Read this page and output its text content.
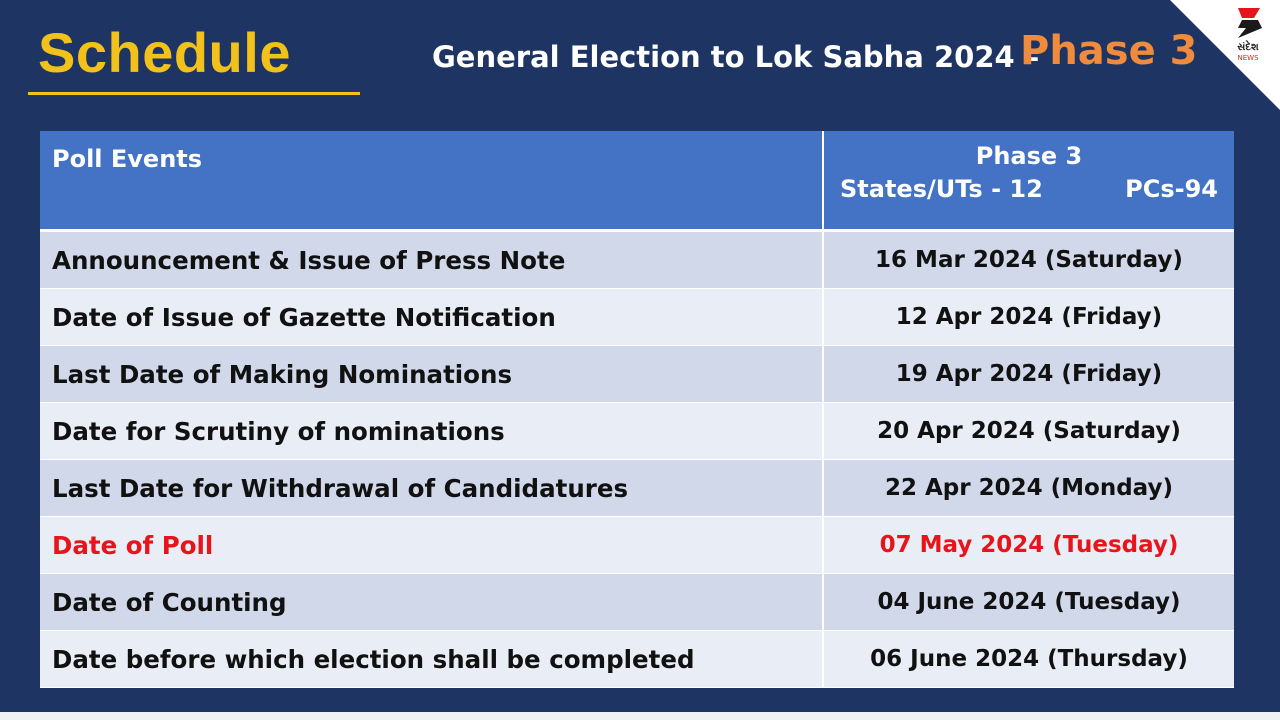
Schedule	General Election to Lok Sabha 2024 –
Phase 3	સંદેશ
NEWS
Poll Events	Phase 3
States/UTs - 12 PCs-94

Announcement & Issue of Press Note	16 Mar 2024 (Saturday)
Date of Issue of Gazette Notification	12 Apr 2024 (Friday)
Last Date of Making Nominations	19 Apr 2024 (Friday)
Date for Scrutiny of nominations	20 Apr 2024 (Saturday)
Last Date for Withdrawal of Candidatures	22 Apr 2024 (Monday)
Date of Poll	07 May 2024 (Tuesday)
Date of Counting	04 June 2024 (Tuesday)
Date before which election shall be completed	06 June 2024 (Thursday)
